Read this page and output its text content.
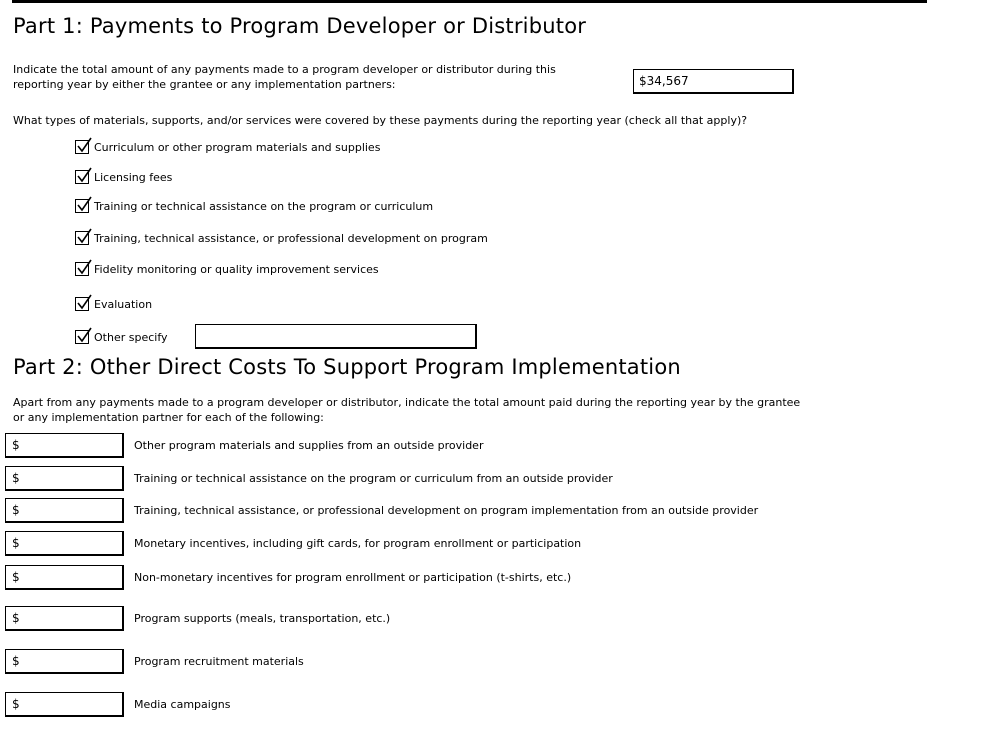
Part 1: Payments to Program Developer or Distributor
Indicate the total amount of any payments made to a program developer or distributor during this
reporting year by either the grantee or any implementation partners:
$34,567
What types of materials, supports, and/or services were covered by these payments during the reporting year (check all that apply)?
Curriculum or other program materials and supplies
Licensing fees
Training or technical assistance on the program or curriculum
Training, technical assistance, or professional development on program
Fidelity monitoring or quality improvement services
Evaluation
Other specify
Part 2: Other Direct Costs To Support Program Implementation
Apart from any payments made to a program developer or distributor, indicate the total amount paid during the reporting year by the grantee
or any implementation partner for each of the following:
$	Other program materials and supplies from an outside provider
$	Training or technical assistance on the program or curriculum from an outside provider
$	Training, technical assistance, or professional development on program implementation from an outside provider
$	Monetary incentives, including gift cards, for program enrollment or participation
$	Non-monetary incentives for program enrollment or participation (t-shirts, etc.)
$	Program supports (meals, transportation, etc.)
$	Program recruitment materials
$	Media campaigns
